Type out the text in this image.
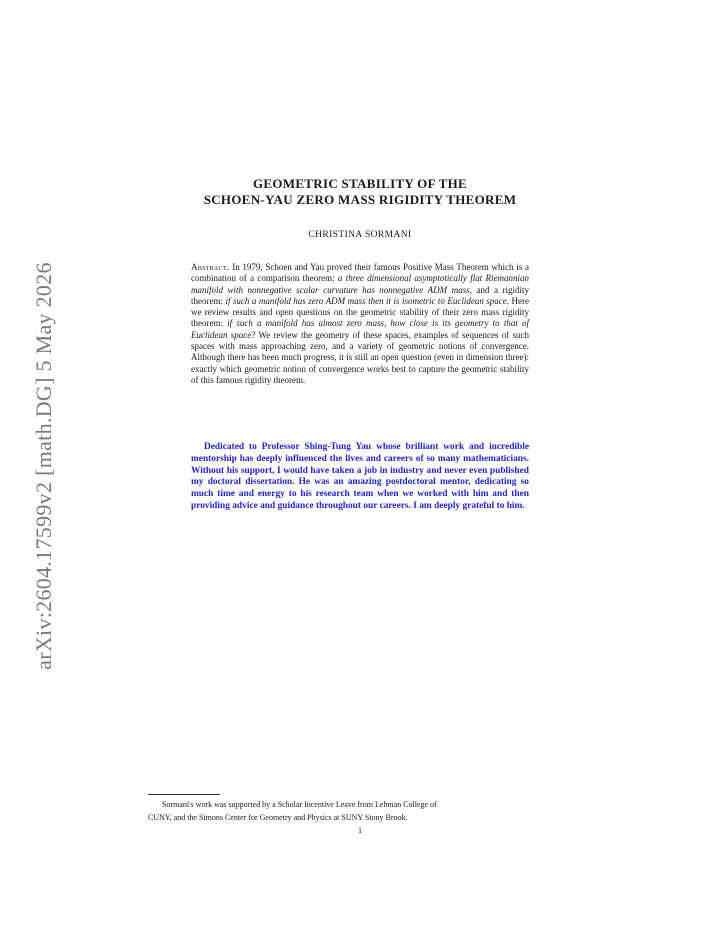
arXiv:2604.17599v2 [math.DG] 5 May 2026
GEOMETRIC STABILITY OF THE
SCHOEN-YAU ZERO MASS RIGIDITY THEOREM
CHRISTINA SORMANI
Abstract. In 1979, Schoen and Yau proved their famous Positive Mass Theorem which is a combination of a comparison theorem: a three dimensional asymptotically flat Riemannian manifold with nonnegative scalar curvature has nonnegative ADM mass, and a rigidity theorem: if such a manifold has zero ADM mass then it is isometric to Euclidean space. Here we review results and open questions on the geometric stability of their zero mass rigidity theorem: if such a manifold has almost zero mass, how close is its geometry to that of Euclidean space? We review the geometry of these spaces, examples of sequences of such spaces with mass approaching zero, and a variety of geometric notions of convergence. Although there has been much progress, it is still an open question (even in dimension three): exactly which geometric notion of convergence works best to capture the geometric stability of this famous rigidity theorem.
Dedicated to Professor Shing-Tung Yau whose brilliant work and incredible mentorship has deeply influenced the lives and careers of so many mathematicians. Without his support, I would have taken a job in industry and never even published my doctoral dissertation. He was an amazing postdoctoral mentor, dedicating so much time and energy to his research team when we worked with him and then providing advice and guidance throughout our careers. I am deeply grateful to him.
Sormani's work was supported by a Scholar Incentive Leave from Lehman College of
CUNY, and the Simons Center for Geometry and Physics at SUNY Stony Brook.
1
